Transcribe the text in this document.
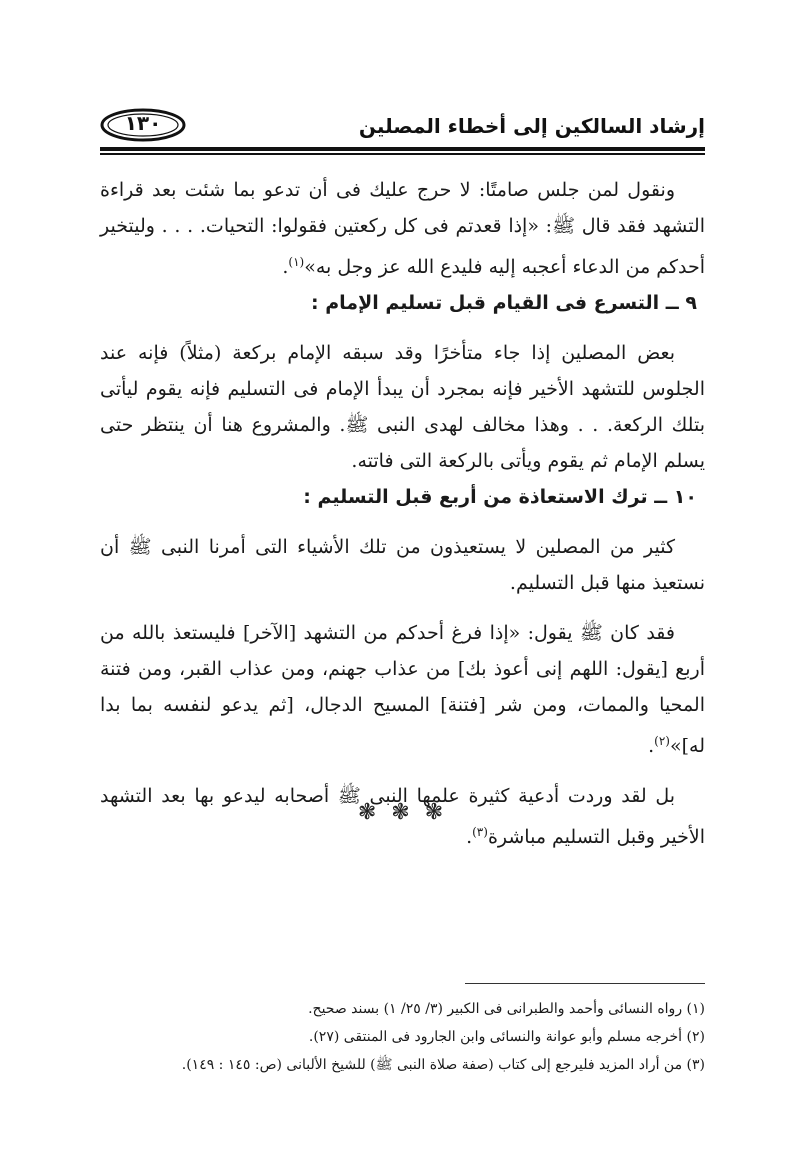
إرشاد السالكين إلى أخطاء المصلين
١٣٠

ونقول لمن جلس صامتًا: لا حرج عليك فى أن تدعو بما شئت بعد قراءة التشهد فقد قال ﷺ: «إذا قعدتم فى كل ركعتين فقولوا: التحيات. . . . وليتخير أحدكم من الدعاء أعجبه إليه فليدع الله عز وجل به»$^{(١)}$.

٩ ــ التسرع فى القيام قبل تسليم الإمام :

بعض المصلين إذا جاء متأخرًا وقد سبقه الإمام بركعة (مثلاً) فإنه عند الجلوس للتشهد الأخير فإنه بمجرد أن يبدأ الإمام فى التسليم فإنه يقوم ليأتى بتلك الركعة. . . وهذا مخالف لهدى النبى ﷺ. والمشروع هنا أن ينتظر حتى يسلم الإمام ثم يقوم ويأتى بالركعة التى فاتته.

١٠ ــ ترك الاستعاذة من أربع قبل التسليم :

كثير من المصلين لا يستعيذون من تلك الأشياء التى أمرنا النبى ﷺ أن نستعيذ منها قبل التسليم.

فقد كان ﷺ يقول: «إذا فرغ أحدكم من التشهد [الآخر] فليستعذ بالله من أربع [يقول: اللهم إنى أعوذ بك] من عذاب جهنم، ومن عذاب القبر، ومن فتنة المحيا والممات، ومن شر [فتنة] المسيح الدجال، [ثم يدعو لنفسه بما بدا له]»$^{(٢)}$.

بل لقد وردت أدعية كثيرة علمها النبى ﷺ أصحابه ليدعو بها بعد التشهد الأخير وقبل التسليم مباشرة$^{(٣)}$.

❃ ❃ ❃

(١) رواه النسائى وأحمد والطبرانى فى الكبير (٣/ ٢٥/ ١) بسند صحيح.

(٢) أخرجه مسلم وأبو عوانة والنسائى وابن الجارود فى المنتقى (٢٧).

(٣) من أراد المزيد فليرجع إلى كتاب (صفة صلاة النبى ﷺ) للشيخ الألبانى (ص: ١٤٥ : ١٤٩).
